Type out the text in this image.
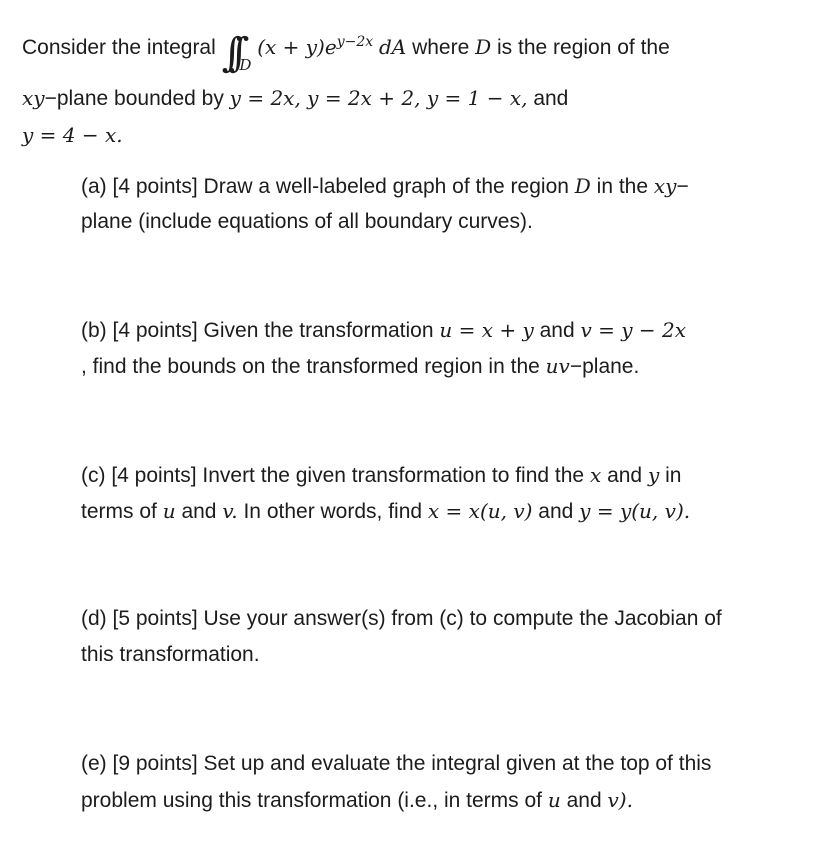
Consider the integral ∫∫ $_D$ $(x + y)e^{y-2x}$ dA where D is the region of the
xy−plane bounded by y = 2x, y = 2x + 2, y = 1 − x, and
y = 4 − x.
(a) [4 points] Draw a well-labeled graph of the region D in the xy−
plane (include equations of all boundary curves).
(b) [4 points] Given the transformation u = x + y and v = y − 2x
, find the bounds on the transformed region in the uv−plane.
(c) [4 points] Invert the given transformation to find the x and y in
terms of u and v. In other words, find x = x(u, v) and y = y(u, v).
(d) [5 points] Use your answer(s) from (c) to compute the Jacobian of
this transformation.
(e) [9 points] Set up and evaluate the integral given at the top of this
problem using this transformation (i.e., in terms of u and v).
